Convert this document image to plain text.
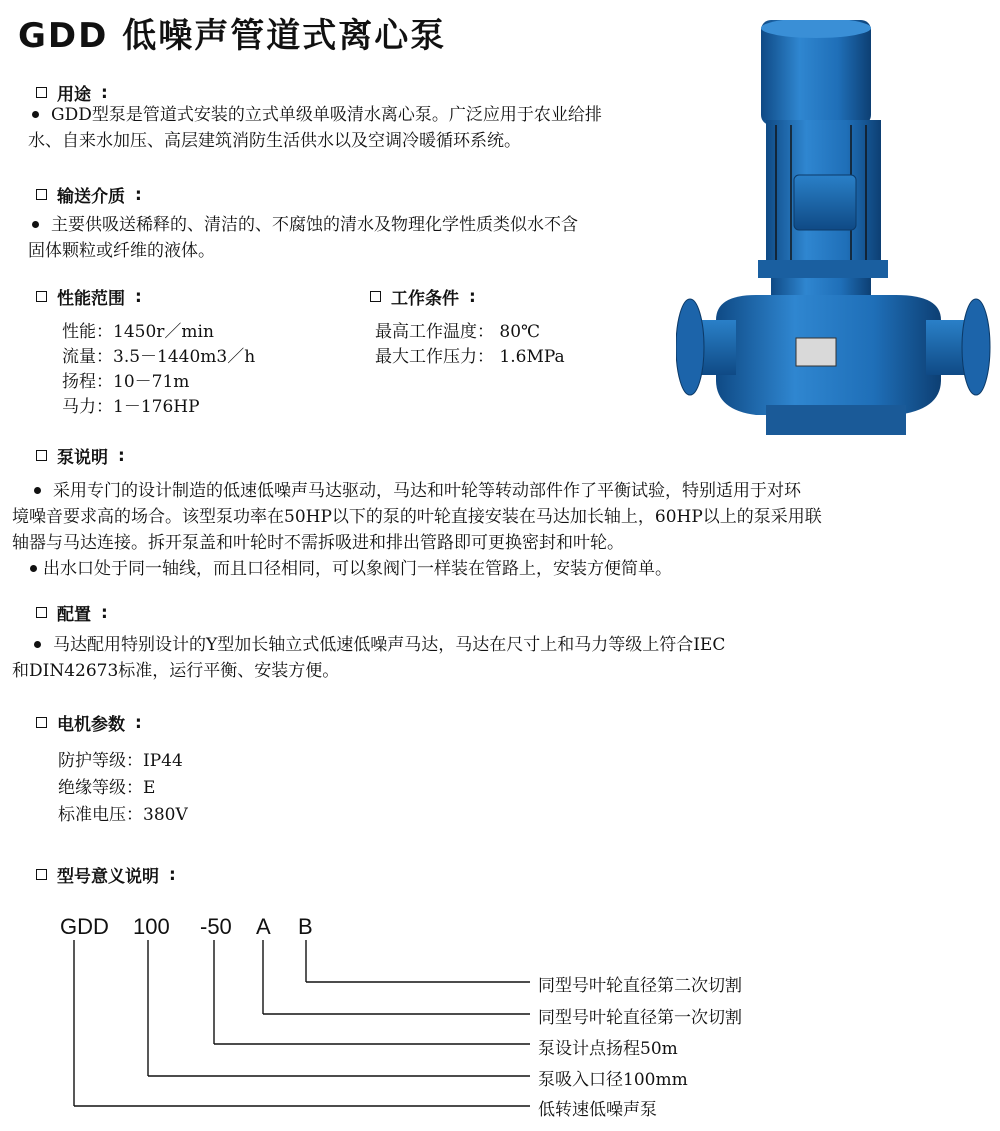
GDD 低噪声管道式离心泵
用途 :
GDD型泵是管道式安装的立式单级单吸清水离心泵。广泛应用于农业给排
水、自来水加压、高层建筑消防生活供水以及空调冷暖循环系统。
输送介质 :
主要供吸送稀释的、清洁的、不腐蚀的清水及物理化学性质类似水不含
固体颗粒或纤维的液体。
性能范围 :
性能：1450r／min
流量：3.5－1440m3／h
扬程：10－71m
马力：1－176HP
工作条件 :
最高工作温度： 80℃
最大工作压力： 1.6MPa
泵说明 :
采用专门的设计制造的低速低噪声马达驱动，马达和叶轮等转动部件作了平衡试验，特别适用于对环
境噪音要求高的场合。该型泵功率在50HP以下的泵的叶轮直接安装在马达加长轴上，60HP以上的泵采用联
轴器与马达连接。拆开泵盖和叶轮时不需拆吸进和排出管路即可更换密封和叶轮。
出水口处于同一轴线，而且口径相同，可以象阀门一样装在管路上，安装方便简单。
配置 :
马达配用特别设计的Y型加长轴立式低速低噪声马达，马达在尺寸上和马力等级上符合IEC
和DIN42673标准，运行平衡、安装方便。
电机参数 :
防护等级：IP44
绝缘等级：E
标准电压：380V
型号意义说明 :
GDD 100 -50 A B
同型号叶轮直径第二次切割
同型号叶轮直径第一次切割
泵设计点扬程50m
泵吸入口径100mm
低转速低噪声泵
